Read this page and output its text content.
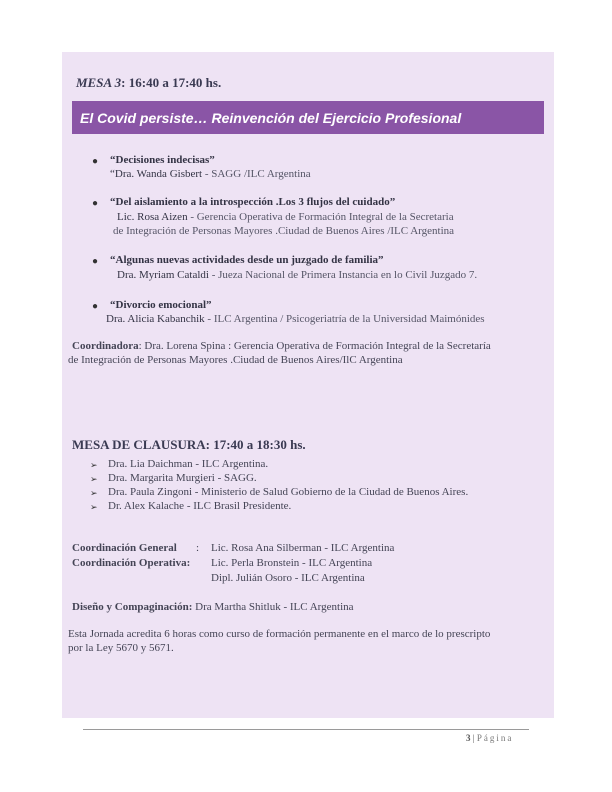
MESA 3: 16:40 a 17:40 hs.
El Covid persiste… Reinvención del Ejercicio Profesional
● “Decisiones indecisas”
“Dra. Wanda Gisbert - SAGG /ILC Argentina
● “Del aislamiento a la introspección .Los 3 flujos del cuidado”
Lic. Rosa Aizen - Gerencia Operativa de Formación Integral de la Secretaria
de Integración de Personas Mayores .Ciudad de Buenos Aires /ILC Argentina
● “Algunas nuevas actividades desde un juzgado de familia”
Dra. Myriam Cataldi - Jueza Nacional de Primera Instancia en lo Civil Juzgado 7.
● “Divorcio emocional”
Dra. Alicia Kabanchik - ILC Argentina / Psicogeriatría de la Universidad Maimónides
Coordinadora: Dra. Lorena Spina : Gerencia Operativa de Formación Integral de la Secretaría
de Integración de Personas Mayores .Ciudad de Buenos Aires/IlC Argentina
MESA DE CLAUSURA: 17:40 a 18:30 hs.
➢ Dra. Lia Daichman - ILC Argentina.
➢ Dra. Margarita Murgieri - SAGG.
➢ Dra. Paula Zingoni - Ministerio de Salud Gobierno de la Ciudad de Buenos Aires.
➢ Dr. Alex Kalache - ILC Brasil Presidente.
Coordinación General : Lic. Rosa Ana Silberman - ILC Argentina
Coordinación Operativa: Lic. Perla Bronstein - ILC Argentina
Dipl. Julián Osoro - ILC Argentina
Diseño y Compaginación: Dra Martha Shitluk - ILC Argentina
Esta Jornada acredita 6 horas como curso de formación permanente en el marco de lo prescripto
por la Ley 5670 y 5671.
3 | Página
